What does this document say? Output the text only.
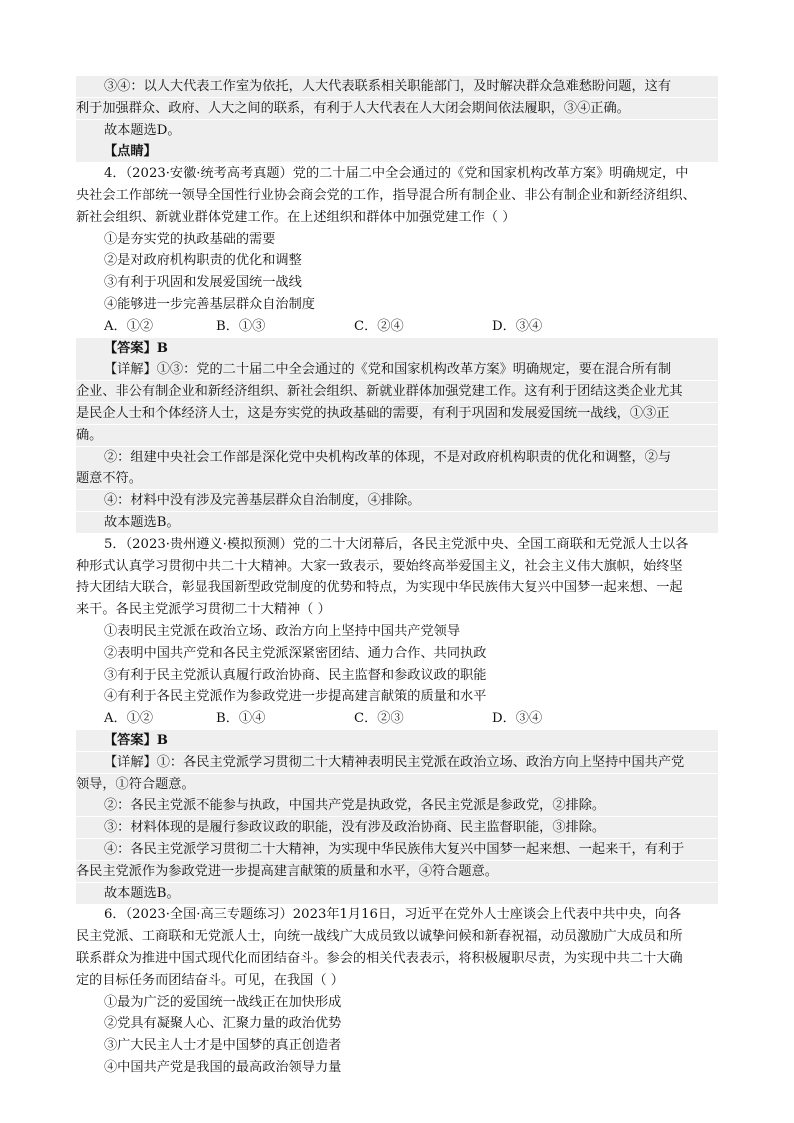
③④：以人大代表工作室为依托，人大代表联系相关职能部门，及时解决群众急难愁盼问题，这有
利于加强群众、政府、人大之间的联系，有利于人大代表在人大闭会期间依法履职，③④正确。
故本题选D。
【点睛】
4．（2023·安徽·统考高考真题）党的二十届二中全会通过的《党和国家机构改革方案》明确规定，中
央社会工作部统一领导全国性行业协会商会党的工作，指导混合所有制企业、非公有制企业和新经济组织、
新社会组织、新就业群体党建工作。在上述组织和群体中加强党建工作（ ）
①是夯实党的执政基础的需要
②是对政府机构职责的优化和调整
③有利于巩固和发展爱国统一战线
④能够进一步完善基层群众自治制度
A．①②	B．①③	C．②④	D．③④
【答案】B
【详解】①③：党的二十届二中全会通过的《党和国家机构改革方案》明确规定，要在混合所有制
企业、非公有制企业和新经济组织、新社会组织、新就业群体加强党建工作。这有利于团结这类企业尤其
是民企人士和个体经济人士，这是夯实党的执政基础的需要，有利于巩固和发展爱国统一战线，①③正
确。
②：组建中央社会工作部是深化党中央机构改革的体现，不是对政府机构职责的优化和调整，②与
题意不符。
④：材料中没有涉及完善基层群众自治制度，④排除。
故本题选B。
5．（2023·贵州遵义·模拟预测）党的二十大闭幕后，各民主党派中央、全国工商联和无党派人士以各
种形式认真学习贯彻中共二十大精神。大家一致表示，要始终高举爱国主义，社会主义伟大旗帜，始终坚
持大团结大联合，彰显我国新型政党制度的优势和特点，为实现中华民族伟大复兴中国梦一起来想、一起
来干。各民主党派学习贯彻二十大精神（ ）
①表明民主党派在政治立场、政治方向上坚持中国共产党领导
②表明中国共产党和各民主党派深紧密团结、通力合作、共同执政
③有利于民主党派认真履行政治协商、民主监督和参政议政的职能
④有利于各民主党派作为参政党进一步提高建言献策的质量和水平
A．①②	B．①④	C．②③	D．③④
【答案】B
【详解】①：各民主党派学习贯彻二十大精神表明民主党派在政治立场、政治方向上坚持中国共产党
领导，①符合题意。
②：各民主党派不能参与执政，中国共产党是执政党，各民主党派是参政党，②排除。
③：材料体现的是履行参政议政的职能，没有涉及政治协商、民主监督职能，③排除。
④：各民主党派学习贯彻二十大精神，为实现中华民族伟大复兴中国梦一起来想、一起来干，有利于
各民主党派作为参政党进一步提高建言献策的质量和水平，④符合题意。
故本题选B。
6．（2023·全国·高三专题练习）2023年1月16日，习近平在党外人士座谈会上代表中共中央，向各
民主党派、工商联和无党派人士，向统一战线广大成员致以诚挚问候和新春祝福，动员激励广大成员和所
联系群众为推进中国式现代化而团结奋斗。参会的相关代表表示，将积极履职尽责，为实现中共二十大确
定的目标任务而团结奋斗。可见，在我国（ ）
①最为广泛的爱国统一战线正在加快形成
②党具有凝聚人心、汇聚力量的政治优势
③广大民主人士才是中国梦的真正创造者
④中国共产党是我国的最高政治领导力量
